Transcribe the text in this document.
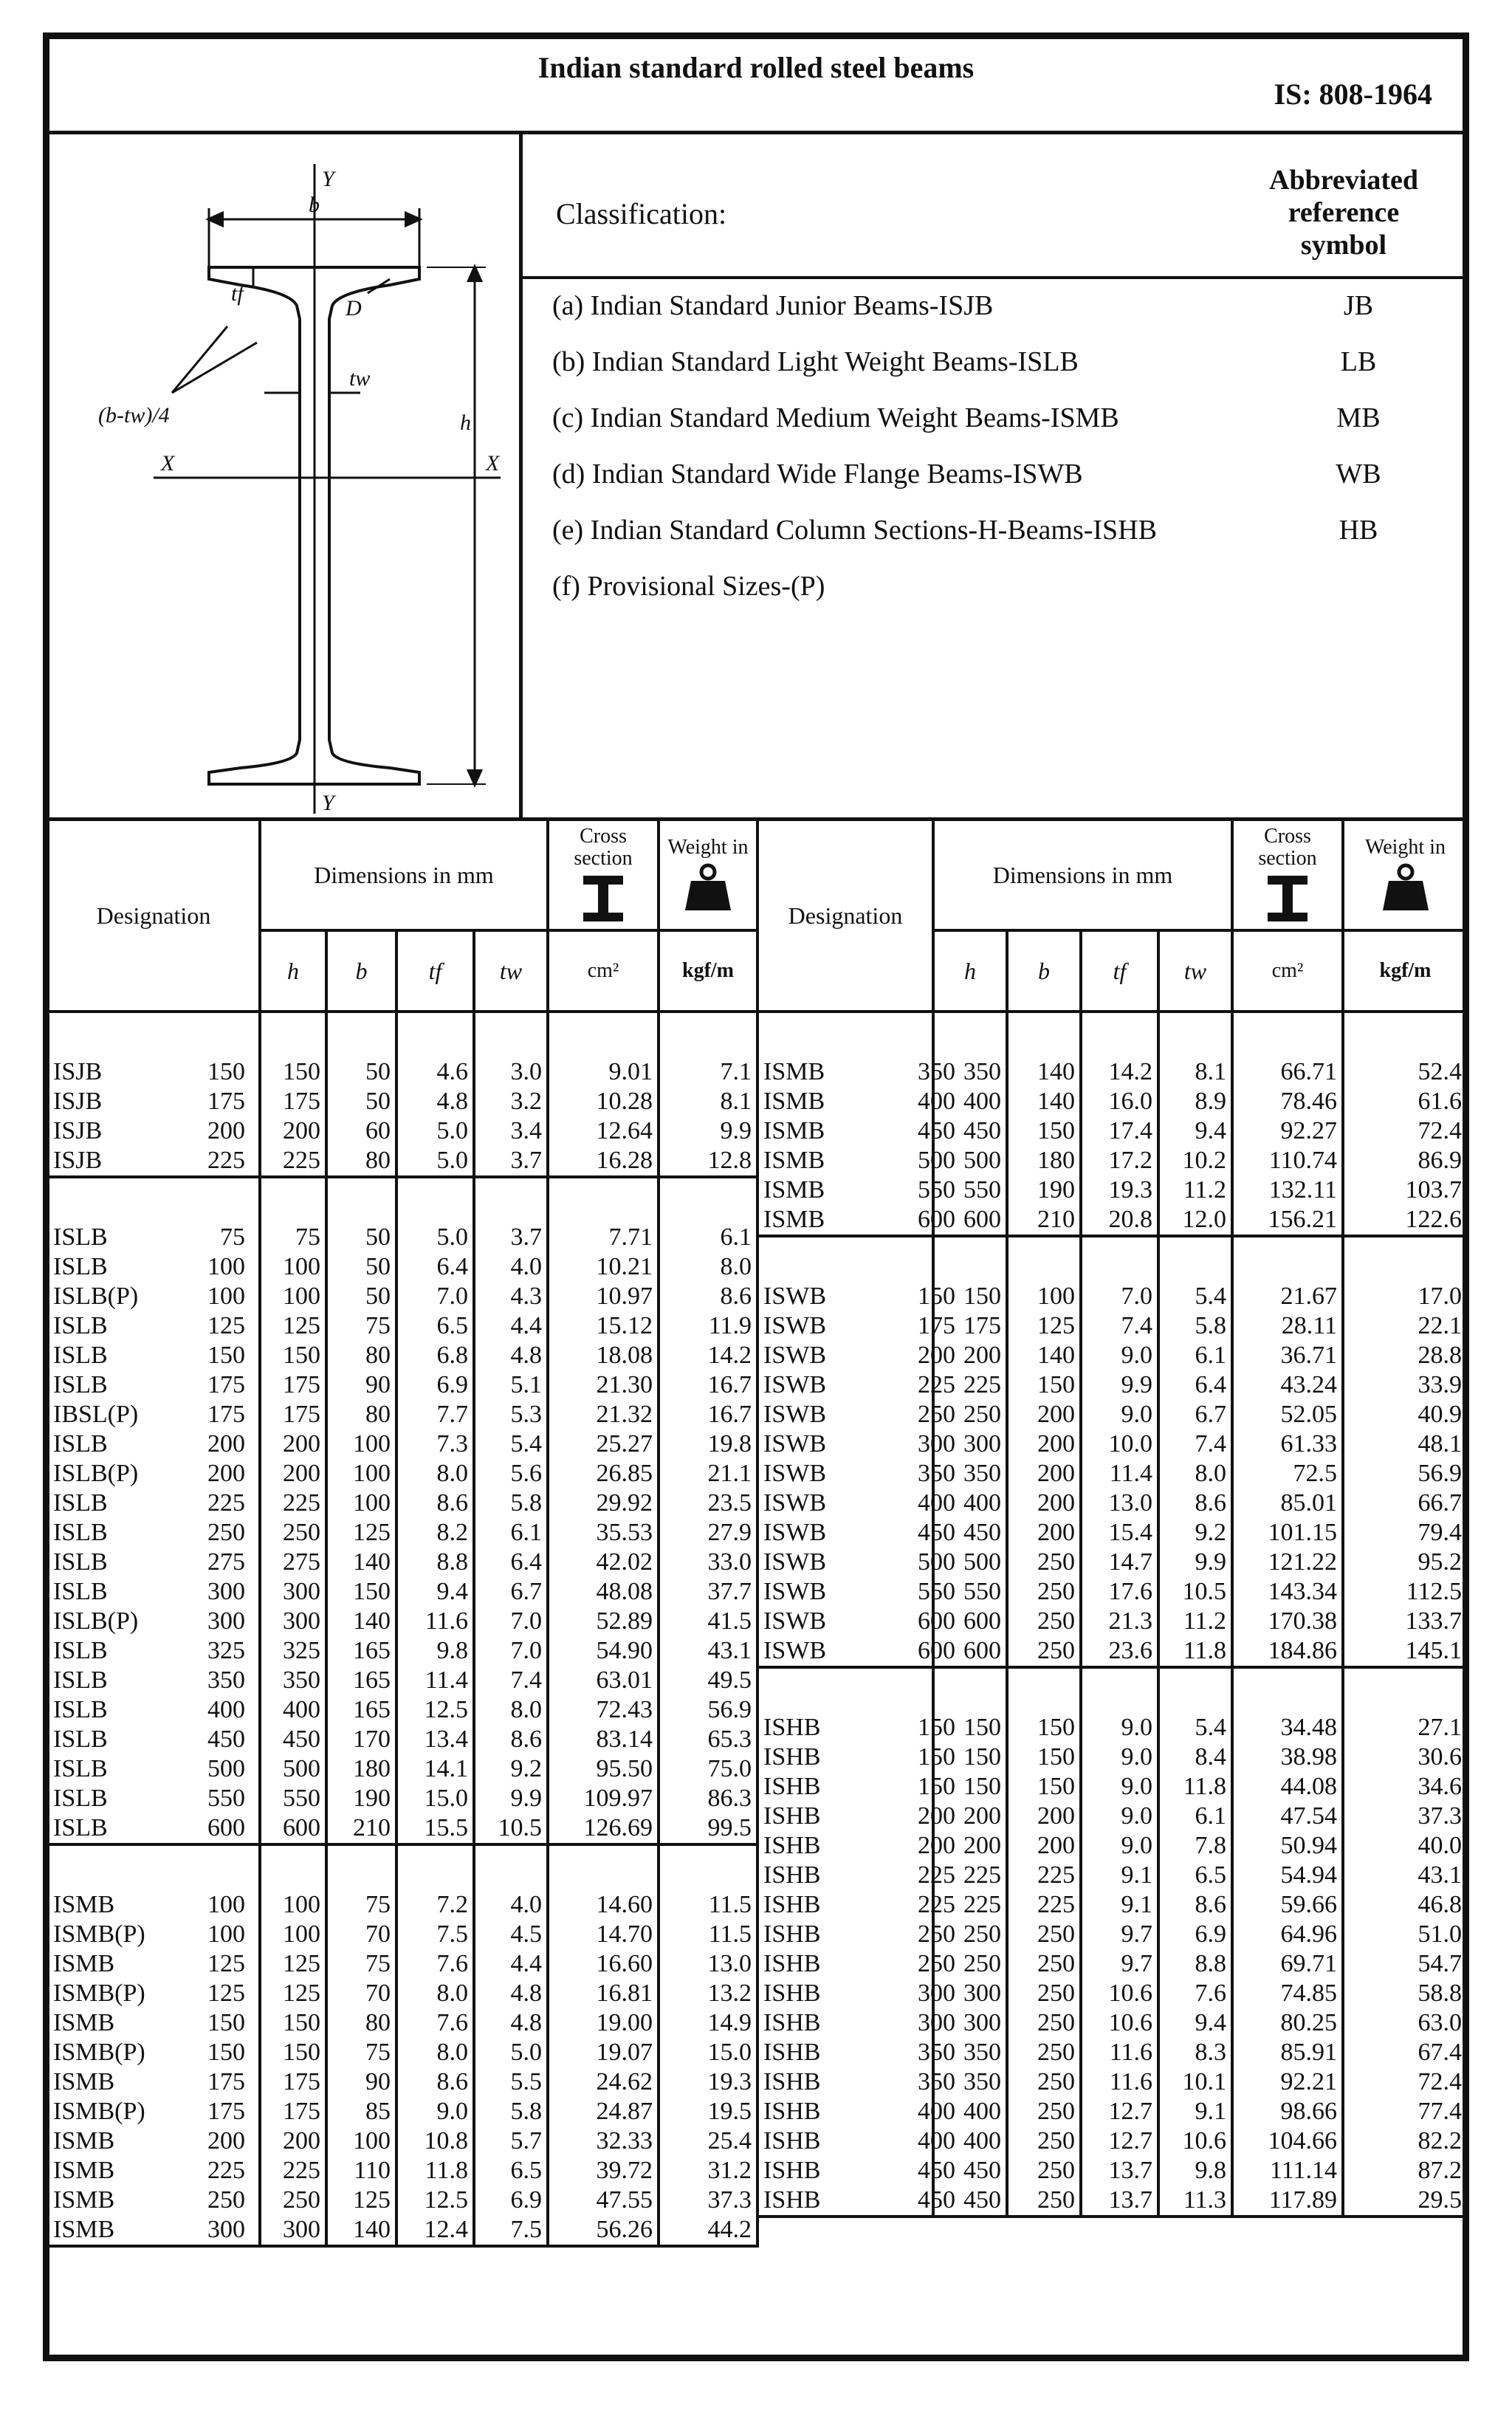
Indian standard rolled steel beams
IS: 808-1964
Y
Y
X	X
b
tf
tw
h
D
(b-tw)/4
Classification:
Abbreviated
reference
symbol
(a) Indian Standard Junior Beams-ISJB	JB
(b) Indian Standard Light Weight Beams-ISLB	LB
(c) Indian Standard Medium Weight Beams-ISMB	MB
(d) Indian Standard Wide Flange Beams-ISWB	WB
(e) Indian Standard Column Sections-H-Beams-ISHB	HB
(f) Provisional Sizes-(P)
Designation	Dimensions in mm				Cross section	Weight in

	h	b	tf	tw	cm²	kgf/m

ISJB 150	150	50	4.6	3.0	9.01	7.1
ISJB 175	175	50	4.8	3.2	10.28	8.1
ISJB 200	200	60	5.0	3.4	12.64	9.9
ISJB 225	225	80	5.0	3.7	16.28	12.8

ISLB 75	75	50	5.0	3.7	7.71	6.1
ISLB 100	100	50	6.4	4.0	10.21	8.0
ISLB(P) 100	100	50	7.0	4.3	10.97	8.6
ISLB 125	125	75	6.5	4.4	15.12	11.9
ISLB 150	150	80	6.8	4.8	18.08	14.2
ISLB 175	175	90	6.9	5.1	21.30	16.7
IBSL(P) 175	175	80	7.7	5.3	21.32	16.7
ISLB 200	200	100	7.3	5.4	25.27	19.8
ISLB(P) 200	200	100	8.0	5.6	26.85	21.1
ISLB 225	225	100	8.6	5.8	29.92	23.5
ISLB 250	250	125	8.2	6.1	35.53	27.9
ISLB 275	275	140	8.8	6.4	42.02	33.0
ISLB 300	300	150	9.4	6.7	48.08	37.7
ISLB(P) 300	300	140	11.6	7.0	52.89	41.5
ISLB 325	325	165	9.8	7.0	54.90	43.1
ISLB 350	350	165	11.4	7.4	63.01	49.5
ISLB 400	400	165	12.5	8.0	72.43	56.9
ISLB 450	450	170	13.4	8.6	83.14	65.3
ISLB 500	500	180	14.1	9.2	95.50	75.0
ISLB 550	550	190	15.0	9.9	109.97	86.3
ISLB 600	600	210	15.5	10.5	126.69	99.5

ISMB 100	100	75	7.2	4.0	14.60	11.5
ISMB(P) 100	100	70	7.5	4.5	14.70	11.5
ISMB 125	125	75	7.6	4.4	16.60	13.0
ISMB(P) 125	125	70	8.0	4.8	16.81	13.2
ISMB 150	150	80	7.6	4.8	19.00	14.9
ISMB(P) 150	150	75	8.0	5.0	19.07	15.0
ISMB 175	175	90	8.6	5.5	24.62	19.3
ISMB(P) 175	175	85	9.0	5.8	24.87	19.5
ISMB 200	200	100	10.8	5.7	32.33	25.4
ISMB 225	225	110	11.8	6.5	39.72	31.2
ISMB 250	250	125	12.5	6.9	47.55	37.3
ISMB 300	300	140	12.4	7.5	56.26	44.2
Designation	Dimensions in mm				Cross section	Weight in

	h	b	tf	tw	cm²	kgf/m

ISMB 350	350	140	14.2	8.1	66.71	52.4
ISMB 400	400	140	16.0	8.9	78.46	61.6
ISMB 450	450	150	17.4	9.4	92.27	72.4
ISMB 500	500	180	17.2	10.2	110.74	86.9
ISMB 550	550	190	19.3	11.2	132.11	103.7
ISMB 600	600	210	20.8	12.0	156.21	122.6

ISWB 150	150	100	7.0	5.4	21.67	17.0
ISWB 175	175	125	7.4	5.8	28.11	22.1
ISWB 200	200	140	9.0	6.1	36.71	28.8
ISWB 225	225	150	9.9	6.4	43.24	33.9
ISWB 250	250	200	9.0	6.7	52.05	40.9
ISWB 300	300	200	10.0	7.4	61.33	48.1
ISWB 350	350	200	11.4	8.0	72.5	56.9
ISWB 400	400	200	13.0	8.6	85.01	66.7
ISWB 450	450	200	15.4	9.2	101.15	79.4
ISWB 500	500	250	14.7	9.9	121.22	95.2
ISWB 550	550	250	17.6	10.5	143.34	112.5
ISWB 600	600	250	21.3	11.2	170.38	133.7
ISWB 600	600	250	23.6	11.8	184.86	145.1

ISHB 150	150	150	9.0	5.4	34.48	27.1
ISHB 150	150	150	9.0	8.4	38.98	30.6
ISHB 150	150	150	9.0	11.8	44.08	34.6
ISHB 200	200	200	9.0	6.1	47.54	37.3
ISHB 200	200	200	9.0	7.8	50.94	40.0
ISHB 225	225	225	9.1	6.5	54.94	43.1
ISHB 225	225	225	9.1	8.6	59.66	46.8
ISHB 250	250	250	9.7	6.9	64.96	51.0
ISHB 250	250	250	9.7	8.8	69.71	54.7
ISHB 300	300	250	10.6	7.6	74.85	58.8
ISHB 300	300	250	10.6	9.4	80.25	63.0
ISHB 350	350	250	11.6	8.3	85.91	67.4
ISHB 350	350	250	11.6	10.1	92.21	72.4
ISHB 400	400	250	12.7	9.1	98.66	77.4
ISHB 400	400	250	12.7	10.6	104.66	82.2
ISHB 450	450	250	13.7	9.8	111.14	87.2
ISHB 450	450	250	13.7	11.3	117.89	29.5
